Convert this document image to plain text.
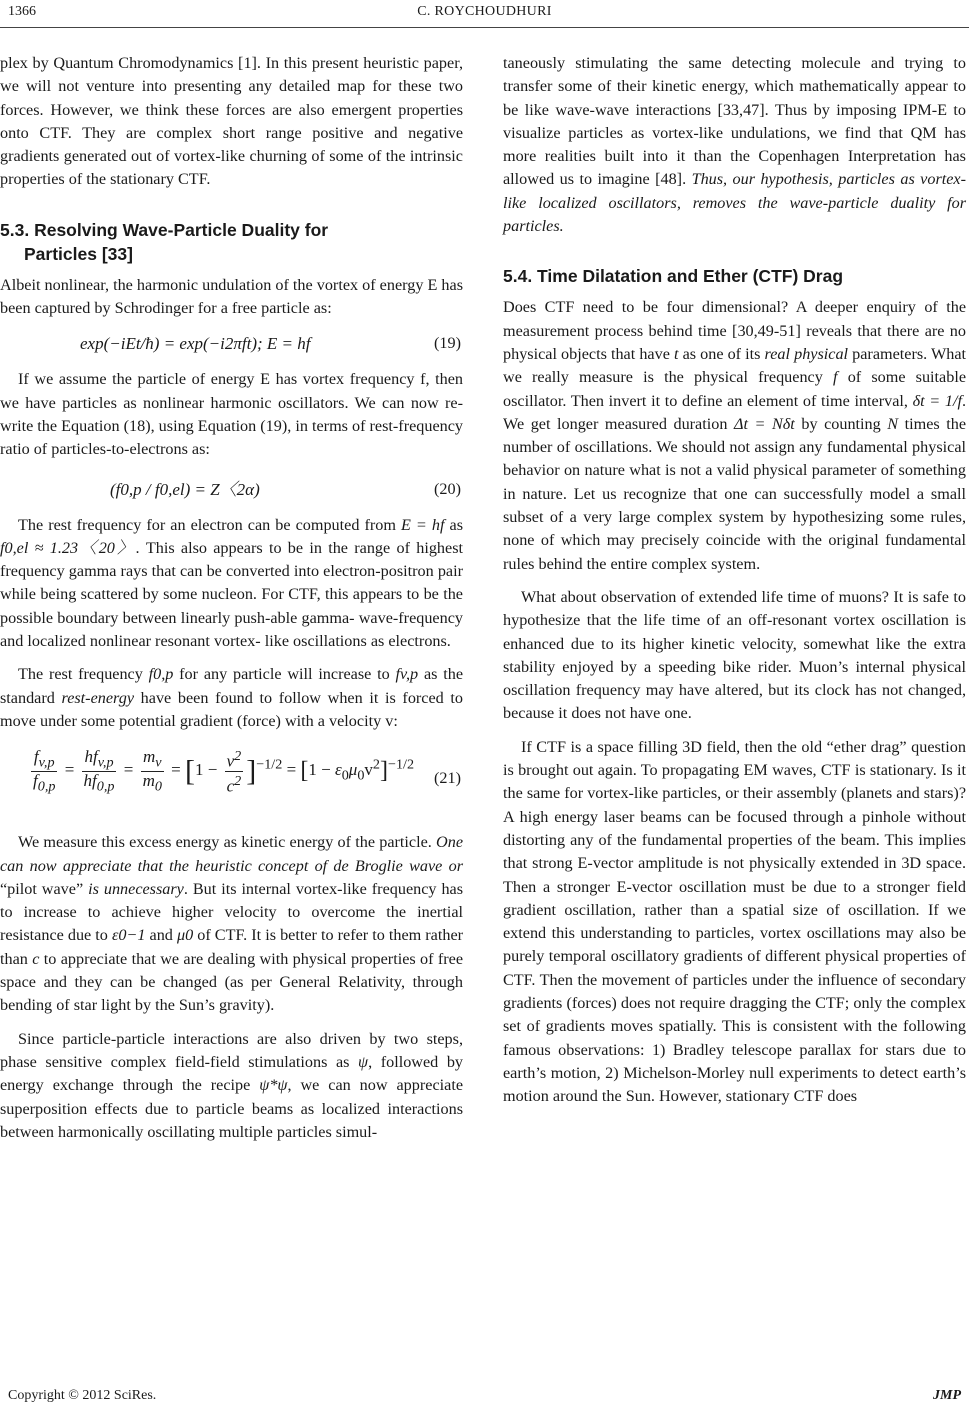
1366	C. ROYCHOUDHURI

plex by Quantum Chromodynamics [1]. In this present heuristic paper, we will not venture into presenting any detailed map for these two forces. However, we think these forces are also emergent properties onto CTF. They are complex short range positive and negative gradients generated out of vortex-like churning of some of the intrinsic properties of the stationary CTF.

5.3. Resolving Wave-Particle Duality for
Particles [33]

Albeit nonlinear, the harmonic undulation of the vortex of energy E has been captured by Schrodinger for a free particle as:

exp(−iEt/ħ) = exp(−i2πft); E = hf	(19)

If we assume the particle of energy E has vortex frequency f, then we have particles as nonlinear harmonic oscillators. We can now re-write the Equation (18), using Equation (19), in terms of rest-frequency ratio of particles-to-electrons as:

(f0,p / f0,el) = Z〈2α)	(20)

The rest frequency for an electron can be computed from E = hf as f0,el ≈ 1.23〈20〉. This also appears to be in the range of highest frequency gamma rays that can be converted into electron-positron pair while being scattered by some nucleon. For CTF, this appears to be the possible boundary between linearly push-able gamma- wave-frequency and localized nonlinear resonant vortex- like oscillations as electrons.

The rest frequency f0,p for any particle will increase to fv,p as the standard rest-energy have been found to follow when it is forced to move under some potential gradient (force) with a velocity v:

$\frac{f_{v,p}}{f_{0,p}} = \frac{hf_{v,p}}{hf_{0,p}} = \frac{m_v}{m_0} = [1 - \frac{v^2}{c^2} ]^{-1/2} = [1 - \varepsilon_0\mu_0v^2]^{-1/2}$
(21)

We measure this excess energy as kinetic energy of the particle. One can now appreciate that the heuristic concept of de Broglie wave or “pilot wave” is unnecessary. But its internal vortex-like frequency has to increase to achieve higher velocity to overcome the inertial resistance due to ε0−1 and μ0 of CTF. It is better to refer to them rather than c to appreciate that we are dealing with physical properties of free space and they can be changed (as per General Relativity, through bending of star light by the Sun’s gravity).

Since particle-particle interactions are also driven by two steps, phase sensitive complex field-field stimulations as ψ, followed by energy exchange through the recipe ψ*ψ, we can now appreciate superposition effects due to particle beams as localized interactions between harmonically oscillating multiple particles simul-

taneously stimulating the same detecting molecule and trying to transfer some of their kinetic energy, which mathematically appear to be like wave-wave interactions [33,47]. Thus by imposing IPM-E to visualize particles as vortex-like undulations, we find that QM has more realities built into it than the Copenhagen Interpretation has allowed us to imagine [48]. Thus, our hypothesis, particles as vortex-like localized oscillators, removes the wave-particle duality for particles.

5.4. Time Dilatation and Ether (CTF) Drag

Does CTF need to be four dimensional? A deeper enquiry of the measurement process behind time [30,49-51] reveals that there are no physical objects that have t as one of its real physical parameters. What we really measure is the physical frequency f of some suitable oscillator. Then invert it to define an element of time interval, δt = 1/f. We get longer measured duration Δt = Nδt by counting N times the number of oscillations. We should not assign any fundamental physical behavior on nature what is not a valid physical parameter of something in nature. Let us recognize that one can successfully model a small subset of a very large complex system by hypothesizing some rules, none of which may precisely coincide with the original fundamental rules behind the entire complex system.

What about observation of extended life time of muons? It is safe to hypothesize that the life time of an off-resonant vortex oscillation is enhanced due to its higher kinetic velocity, somewhat like the extra stability enjoyed by a speeding bike rider. Muon’s internal physical oscillation frequency may have altered, but its clock has not changed, because it does not have one.

If CTF is a space filling 3D field, then the old “ether drag” question is brought out again. To propagating EM waves, CTF is stationary. Is it the same for vortex-like particles, or their assembly (planets and stars)? A high energy laser beams can be focused through a pinhole without distorting any of the fundamental properties of the beam. This implies that strong E-vector amplitude is not physically extended in 3D space. Then a stronger E-vector oscillation must be due to a stronger field gradient oscillation, rather than a spatial size of oscillation. If we extend this understanding to particles, vortex oscillations may also be purely temporal oscillatory gradients of different physical properties of CTF. Then the movement of particles under the influence of secondary gradients (forces) does not require dragging the CTF; only the complex set of gradients moves spatially. This is consistent with the following famous observations: 1) Bradley telescope parallax for stars due to earth’s motion, 2) Michelson-Morley null experiments to detect earth’s motion around the Sun. However, stationary CTF does

Copyright © 2012 SciRes.	JMP
